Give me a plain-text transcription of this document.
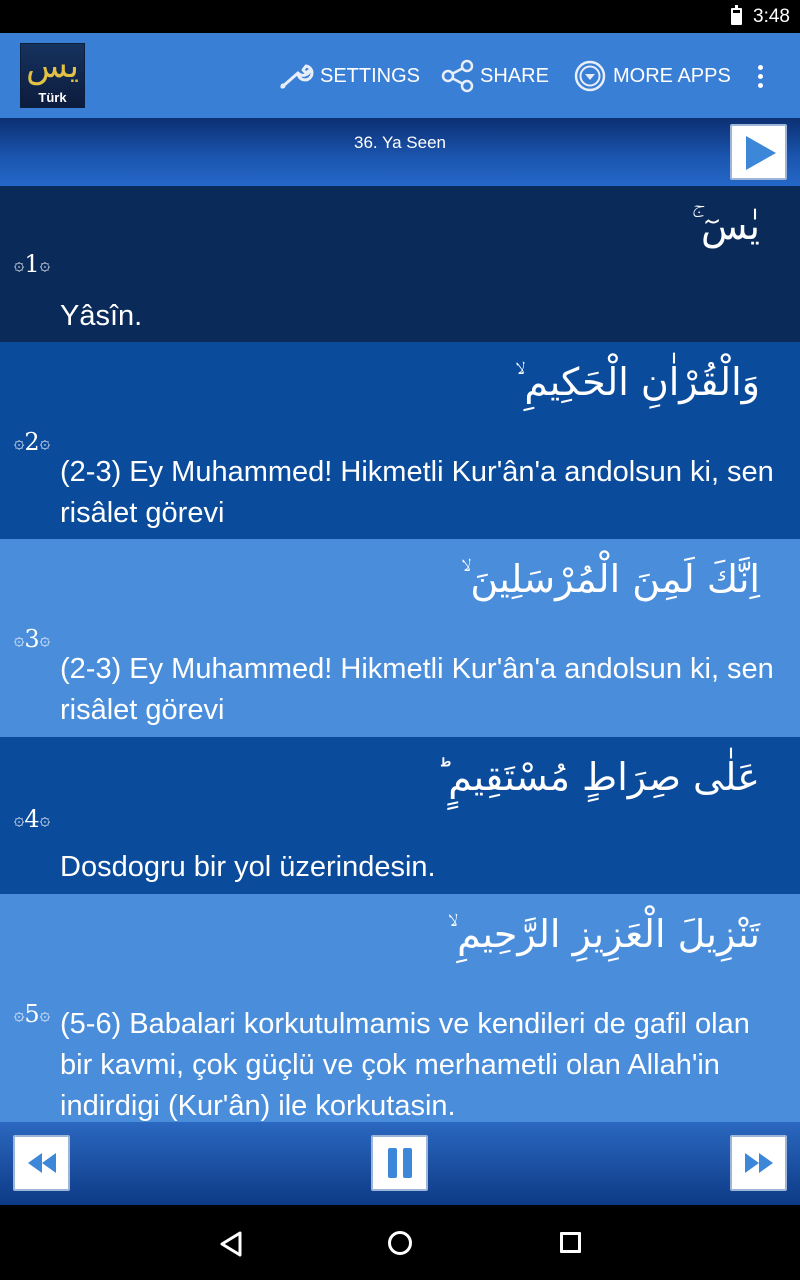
3:48
يس
Türk
SETTINGS	SHARE	MORE APPS
36. Ya Seen
يٰسٓ ۚ
۞ 1 ۞
Yâsîn.
وَالْقُرْاٰنِ الْحَكِيمِ ۙ
۞ 2 ۞
(2-3) Ey Muhammed! Hikmetli Kur'ân'a andolsun ki, sen risâlet görevi
اِنَّكَ لَمِنَ الْمُرْسَلِينَ ۙ
۞ 3 ۞
(2-3) Ey Muhammed! Hikmetli Kur'ân'a andolsun ki, sen risâlet görevi
عَلٰى صِرَاطٍ مُسْتَقِيمٍ ؕ
۞ 4 ۞
Dosdogru bir yol üzerindesin.
تَنْزِيلَ الْعَزِيزِ الرَّحِيمِ ۙ
۞ 5 ۞ (5-6) Babalari korkutulmamis ve kendileri de gafil olan bir kavmi, çok güçlü ve çok merhametli olan Allah'in indirdigi (Kur'ân) ile korkutasin.
